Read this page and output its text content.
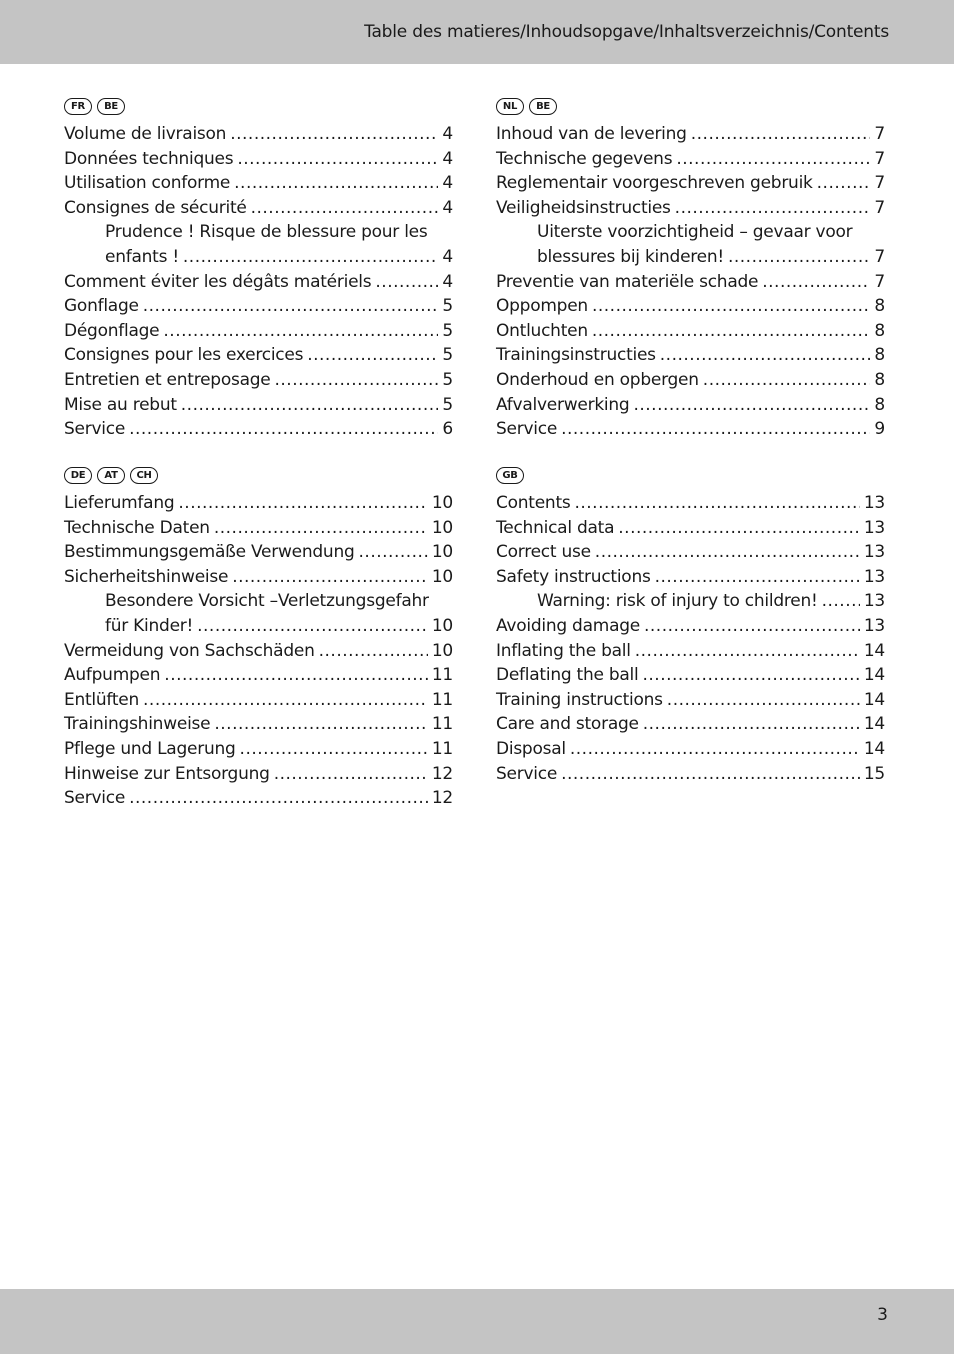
Table des matieres/Inhoudsopgave/Inhaltsverzeichnis/Contents
FR	BE
Volume de livraison .....	4
Données techniques .....	4
Utilisation conforme .....	4
Consignes de sécurité .....	4
Prudence ! Risque de blessure pour les
enfants ! .....	4
Comment éviter les dégâts matériels .....	4
Gonflage .....	5
Dégonflage .....	5
Consignes pour les exercices .....	5
Entretien et entreposage .....	5
Mise au rebut .....	5
Service .....	6
NL	BE
Inhoud van de levering .....	7
Technische gegevens .....	7
Reglementair voorgeschreven gebruik .....	7
Veiligheidsinstructies .....	7
Uiterste voorzichtigheid – gevaar voor
blessures bij kinderen! .....	7
Preventie van materiële schade .....	7
Oppompen .....	8
Ontluchten .....	8
Trainingsinstructies .....	8
Onderhoud en opbergen .....	8
Afvalverwerking .....	8
Service .....	9
DE	AT	CH
Lieferumfang .....	10
Technische Daten .....	10
Bestimmungsgemäße Verwendung .....	10
Sicherheitshinweise .....	10
Besondere Vorsicht –Verletzungsgefahr
für Kinder! .....	10
Vermeidung von Sachschäden .....	10
Aufpumpen .....	11
Entlüften .....	11
Trainingshinweise .....	11
Pflege und Lagerung .....	11
Hinweise zur Entsorgung .....	12
Service .....	12
GB
Contents .....	13
Technical data .....	13
Correct use .....	13
Safety instructions .....	13
Warning: risk of injury to children! .....	13
Avoiding damage .....	13
Inflating the ball .....	14
Deflating the ball .....	14
Training instructions .....	14
Care and storage .....	14
Disposal .....	14
Service .....	15
3
